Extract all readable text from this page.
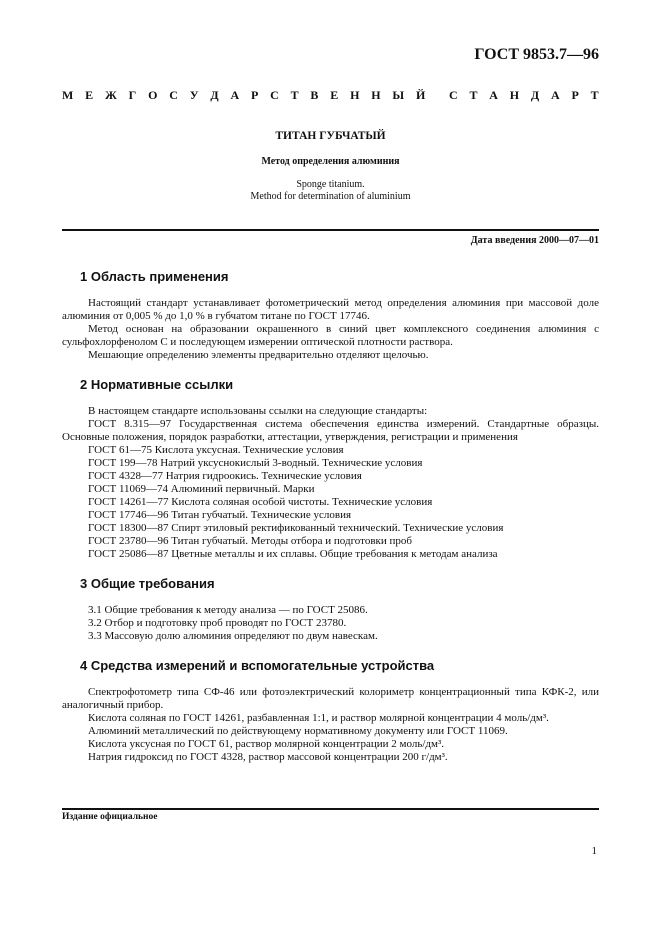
ГОСТ 9853.7—96
М Е Ж Г О С У Д А Р С Т В Е Н Н Ы Й С Т А Н Д А Р Т
ТИТАН ГУБЧАТЫЙ
Метод определения алюминия
Sponge titanium.
Method for determination of aluminium
Дата введения 2000—07—01
1 Область применения

Настоящий стандарт устанавливает фотометрический метод определения алюминия при массовой доле алюминия от 0,005 % до 1,0 % в губчатом титане по ГОСТ 17746.

Метод основан на образовании окрашенного в синий цвет комплексного соединения алюминия с сульфохлорфенолом С и последующем измерении оптической плотности раствора.

Мешающие определению элементы предварительно отделяют щелочью.

2 Нормативные ссылки

В настоящем стандарте использованы ссылки на следующие стандарты:

ГОСТ 8.315—97 Государственная система обеспечения единства измерений. Стандартные образцы. Основные положения, порядок разработки, аттестации, утверждения, регистрации и применения

ГОСТ 61—75 Кислота уксусная. Технические условия

ГОСТ 199—78 Натрий уксуснокислый 3-водный. Технические условия

ГОСТ 4328—77 Натрия гидроокись. Технические условия

ГОСТ 11069—74 Алюминий первичный. Марки

ГОСТ 14261—77 Кислота соляная особой чистоты. Технические условия

ГОСТ 17746—96 Титан губчатый. Технические условия

ГОСТ 18300—87 Спирт этиловый ректификованный технический. Технические условия

ГОСТ 23780—96 Титан губчатый. Методы отбора и подготовки проб

ГОСТ 25086—87 Цветные металлы и их сплавы. Общие требования к методам анализа

3 Общие требования

3.1 Общие требования к методу анализа — по ГОСТ 25086.

3.2 Отбор и подготовку проб проводят по ГОСТ 23780.

3.3 Массовую долю алюминия определяют по двум навескам.

4 Средства измерений и вспомогательные устройства

Спектрофотометр типа СФ-46 или фотоэлектрический колориметр концентрационный типа КФК-2, или аналогичный прибор.

Кислота соляная по ГОСТ 14261, разбавленная 1:1, и раствор молярной концентрации 4 моль/дм³.

Алюминий металлический по действующему нормативному документу или ГОСТ 11069.

Кислота уксусная по ГОСТ 61, раствор молярной концентрации 2 моль/дм³.

Натрия гидроксид по ГОСТ 4328, раствор массовой концентрации 200 г/дм³.

Издание официальное
1
